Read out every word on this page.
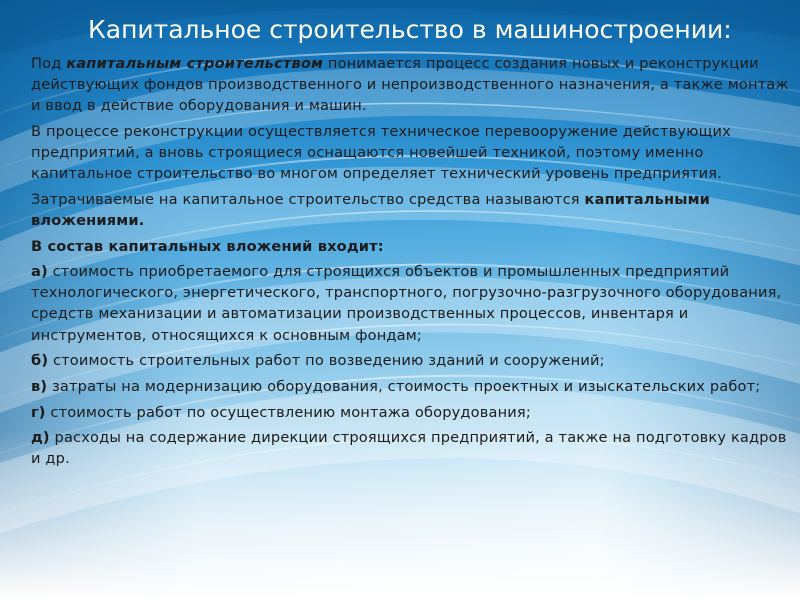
Капитальное строительство в машиностроении:

Под капитальным строительством понимается процесс создания новых и реконструкции действующих фондов производственного и непроизводственного назначения, а также монтаж и ввод в действие оборудования и машин.

В процессе реконструкции осуществляется техническое перевооружение действующих предприятий, а вновь строящиеся оснащаются новейшей техникой, поэтому именно капитальное строительство во многом определяет технический уровень предприятия.

Затрачиваемые на капитальное строительство средства называются капитальными вложениями.

В состав капитальных вложений входит:

а) стоимость приобретаемого для строящихся объектов и промышленных предприятий технологического, энергетического, транспортного, погрузочно-разгрузочного оборудования, средств механизации и автоматизации производственных процессов, инвентаря и инструментов, относящихся к основным фондам;

б) стоимость строительных работ по возведению зданий и сооружений;

в) затраты на модернизацию оборудования, стоимость проектных и изыскательских работ;

г) стоимость работ по осуществлению монтажа оборудования;

д) расходы на содержание дирекции строящихся предприятий, а также на подготовку кадров и др.
